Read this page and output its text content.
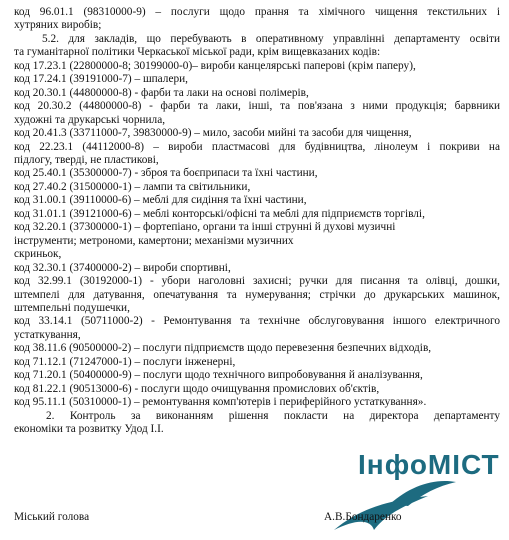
код 96.01.1 (98310000-9) – послуги щодо прання та хімічного чищення текстильних і
хутряних виробів;
5.2. для закладів, що перебувають в оперативному управлінні департаменту освіти
та гуманітарної політики Черкаської міської ради, крім вищевказаних кодів:
код 17.23.1 (22800000-8; 30199000-0)– вироби канцелярські паперові (крім паперу),
код 17.24.1 (39191000-7) – шпалери,
код 20.30.1 (44800000-8) - фарби та лаки на основі полімерів,
код 20.30.2 (44800000-8) - фарби та лаки, інші, та пов'язана з ними продукція; барвники
художні та друкарські чорнила,
код 20.41.3 (33711000-7, 39830000-9) – мило, засоби мийні та засоби для чищення,
код 22.23.1 (44112000-8) – вироби пластмасові для будівництва, лінолеум і покриви на
підлогу, тверді, не пластикові,
код 25.40.1 (35300000-7) - зброя та боєприпаси та їхні частини,
код 27.40.2 (31500000-1) – лампи та світильники,
код 31.00.1 (39110000-6) – меблі для сидіння та їхні частини,
код 31.01.1 (39121000-6) – меблі конторські/офісні та меблі для підприємств торгівлі,
код 32.20.1 (37300000-1) – фортепіано, органи та інші струнні й духові музичні
інструменти; метрономи, камертони; механізми музичних
скриньок,
код 32.30.1 (37400000-2) – вироби спортивні,
код 32.99.1 (30192000-1) - убори наголовні захисні; ручки для писання та олівці, дошки,
штемпелі для датування, опечатування та нумерування; стрічки до друкарських машинок,
штемпельні подушечки,
код 33.14.1 (50711000-2) - Ремонтування та технічне обслуговування іншого електричного
устаткування,
код 38.11.6 (90500000-2) – послуги підприємств щодо перевезення безпечних відходів,
код 71.12.1 (71247000-1) – послуги інженерні,
код 71.20.1 (50400000-9) – послуги щодо технічного випробовування й аналізування,
код 81.22.1 (90513000-6) - послуги щодо очищування промислових об'єктів,
код 95.11.1 (50310000-1) – ремонтування комп'ютерів і периферійного устаткування».
2. Контроль за виконанням рішення покласти на директора департаменту
економіки та розвитку Удод І.І.
ІнфоМІСТ
Міський голова	А.В.Бондаренко
